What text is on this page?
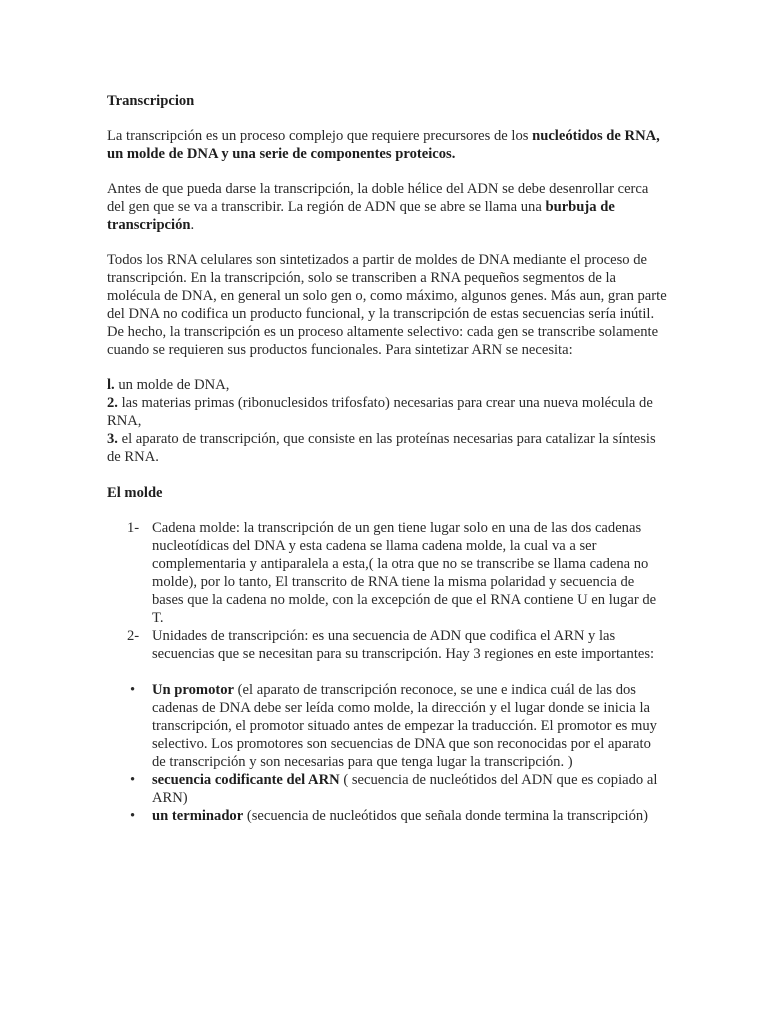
Transcripcion

La transcripción es un proceso complejo que requiere precursores de los nucleótidos de RNA, un molde de DNA y una serie de componentes proteicos.

Antes de que pueda darse la transcripción, la doble hélice del ADN se debe desenrollar cerca del gen que se va a transcribir. La región de ADN que se abre se llama una burbuja de transcripción.

Todos los RNA celulares son sintetizados a partir de moldes de DNA mediante el proceso de transcripción. En la transcripción, solo se transcriben a RNA pequeños segmentos de la molécula de DNA, en general un solo gen o, como máximo, algunos genes. Más aun, gran parte del DNA no codifica un producto funcional, y la transcripción de estas secuencias sería inútil. De hecho, la transcripción es un proceso altamente selectivo: cada gen se transcribe solamente cuando se requieren sus productos funcionales. Para sintetizar ARN se necesita:

l. un molde de DNA,
2. las materias primas (ribonuclesidos trifosfato) necesarias para crear una nueva molécula de RNA,
3. el aparato de transcripción, que consiste en las proteínas necesarias para catalizar la síntesis de RNA.
El molde
1- Cadena molde: la transcripción de un gen tiene lugar solo en una de las dos cadenas nucleotídicas del DNA y esta cadena se llama cadena molde, la cual va a ser complementaria y antiparalela a esta,( la otra que no se transcribe se llama cadena no molde), por lo tanto, El transcrito de RNA tiene la misma polaridad y secuencia de bases que la cadena no molde, con la excepción de que el RNA contiene U en lugar de T.
2- Unidades de transcripción: es una secuencia de ADN que codifica el ARN y las secuencias que se necesitan para su transcripción. Hay 3 regiones en este importantes:
• Un promotor (el aparato de transcripción reconoce, se une e indica cuál de las dos cadenas de DNA debe ser leída como molde, la dirección y el lugar donde se inicia la transcripción, el promotor situado antes de empezar la traducción. El promotor es muy selectivo. Los promotores son secuencias de DNA que son reconocidas por el aparato de transcripción y son necesarias para que tenga lugar la transcripción. )
• secuencia codificante del ARN ( secuencia de nucleótidos del ADN que es copiado al ARN)
• un terminador (secuencia de nucleótidos que señala donde termina la transcripción)
